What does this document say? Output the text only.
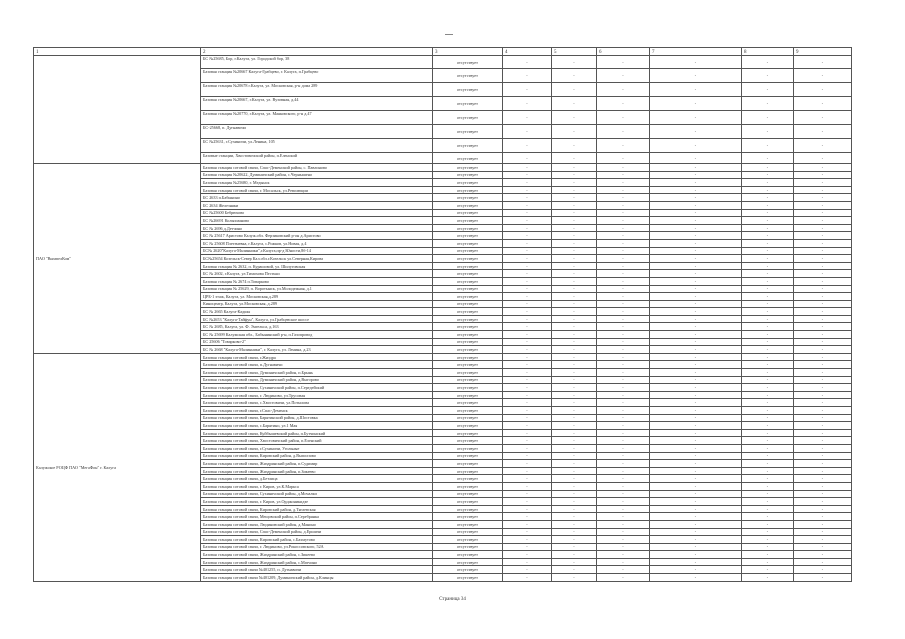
1	2	3	4	5	6	7	8	9
	БС №25685, Бор, г.Калуга, ул. Городской бор, 38	отсутствует	-	-	-	-	-	-
	Базовая станция №20667 Калуга-Грабцево, г. Калуга, п.Грабцево	отсутствует	-	-	-	-	-	-
	Базовая станция №20678 г.Калуга, ул. Московская, р-н дома 289	отсутствует	-	-	-	-	-	-
	Базовая станция №20667, г.Калуга, ул. Вузовная, д.44	отсутствует	-	-	-	-	-	-
	Базовая станция №20770, г.Калуга, ул. Маяковского, р-н д.47	отсутствует	-	-	-	-	-	-
	БС-25668, п. Дугнавичи	отсутствует	-	-	-	-	-	-
	БС №25631, г.Сухиничи, ул.Ленина, 105	отсутствует	-	-	-	-	-	-
	Базовые станции, Хвостовичский район, п.Еленский	отсутствует	-	-	-	-	-	-
ПАО "ВымпелКом"	Базовая станция сотовой связи, Спас-Деменский район, с. Павлиново	отсутствует	-	-	-	-	-	-
	Базовая станция №20622, Думиничский район, с.Чернышено	отсутствует	-	-	-	-	-	-
	Базовая станция №25680, г. Медынск	отсутствует	-	-	-	-	-	-
	Базовая станция сотовой связи, г. Мосальск, ул.Революции	отсутствует	-	-	-	-	-	-
	БС 2633 п.Бабынино	отсутствует	-	-	-	-	-	-
	БС 2634 Железняки	отсутствует	-	-	-	-	-	-
	БС №25600 Бебрюхово	отсутствует	-	-	-	-	-	-
	БС №26691 Колыхманово	отсутствует	-	-	-	-	-	-
	БС № 2696 д.Детчино	отсутствует	-	-	-	-	-	-
	БС № 25617 Аристово Калуж.обл. Ферзиковский р-он д.Аристово	отсутствует	-	-	-	-	-	-
	БС № 25608 Плетеневка, г.Калуга, с.Рожков, ул.Новая, д.4	отсутствует	-	-	-	-	-	-
	БС№ 2620"Калуга-Малинники",г.Калуга,пр-д Юности,8б-14	отсутствует	-	-	-	-	-	-
	БС№25654 Козельск-Север Кал.обл.г.Козельск ул.Северная,Кирова	отсутствует	-	-	-	-	-	-
	Базовая станция № 2632, п. Курашовой, ул. Шилуговская	отсутствует	-	-	-	-	-	-
	БС № 2602, г.Калуга, ул.Тимохова Пестьки	отсутствует	-	-	-	-	-	-
	Базовая станция № 2674 п.Товарково	отсутствует	-	-	-	-	-	-
	Базовая станция № 25629, п. Воротынск, ул.Молодежная, д.1	отсутствует	-	-	-	-	-	-
	ЦРБ-1 этаж, Калуга, ул. Московская,д.289	отсутствует	-	-	-	-	-	-
	Киноцентр, Калуга, ул.Московская, д.289	отсутствует	-	-	-	-	-	-
	БС № 2665 Калуга-Кадшы	отсутствует	-	-	-	-	-	-
	БС №2653 "Калуга-Тайфун", Калуга, ул.Грабцевское шоссе	отсутствует	-	-	-	-	-	-
	БС № 2685, Калуга, ул. Ф. Энгельса, д.163	отсутствует	-	-	-	-	-	-
	БС № 25699 Калужская обл., Бабынинский р-н, п.Газопровод	отсутствует	-	-	-	-	-	-
	БС 25606 "Товарково-2"	отсутствует	-	-	-	-	-	-
	БС № 2668 "Калуга-Малинники", г. Калуга, ул. Ленина, д.23	отсутствует	-	-	-	-	-	-
Калужское РОЦФ ПАО "МегаФон" г. Калуга	Базовая станция сотовой связи, г.Жиздра	отсутствует	-	-	-	-	-	-
	Базовая станция сотовой связи, п.Дугнавичи	отсутствует	-	-	-	-	-	-
	Базовая станция сотовой связи, Думиничский район, п.Брынь	отсутствует	-	-	-	-	-	-
	Базовая станция сотовой связи, Думиничский район, д.Выгорово	отсутствует	-	-	-	-	-	-
	Базовая станция сотовой связи, Сухиничский район, п.Середейский	отсутствует	-	-	-	-	-	-
	Базовая станция сотовой связи, г. Людиново, ул.Трусовая	отсутствует	-	-	-	-	-	-
	Базовая станция сотовой связи, с.Хвостовичи, ул.Потылова	отсутствует	-	-	-	-	-	-
	Базовая станция сотовой связи, г.Спас-Деменск	отсутствует	-	-	-	-	-	-
	Базовая станция сотовой связи, Барятинский район, д.Шостовка	отсутствует	-	-	-	-	-	-
	Базовая станция сотовой связи, с.Барятино, ул.1 Мая	отсутствует	-	-	-	-	-	-
	Базовая станция сотовой связи, Куйбышевский район, п.Бутчинский	отсутствует	-	-	-	-	-	-
	Базовая станция сотовой связи, Хвостовичский район, п.Еленский	отсутствует	-	-	-	-	-	-
	Базовая станция сотовой связи, г.Сухиничи, Угольные	отсутствует	-	-	-	-	-	-
	Базовая станция сотовой связи, Кировский район, д.Выползово	отсутствует	-	-	-	-	-	-
	Базовая станция сотовой связи, Жиздринский район, п.Судимир	отсутствует	-	-	-	-	-	-
	Базовая станция сотовой связи, Жиздринский район, п.Зикеево	отсутствует	-	-	-	-	-	-
	Базовая станция сотовой связи, д.Бетлица	отсутствует	-	-	-	-	-	-
	Базовая станция сотовой связи, г. Киров, ул.К.Маркса	отсутствует	-	-	-	-	-	-
	Базовая станция сотовой связи, Сухиничский район, д.Мочалки	отсутствует	-	-	-	-	-	-
	Базовая станция сотовой связи, г. Киров, ул.Орджоникидзе	отсутствует	-	-	-	-	-	-
	Базовая станция сотовой связи, Кировский район, д.Тягаевская	отсутствует	-	-	-	-	-	-
	Базовая станция сотовой связи, Мещовский район, п.Серебрянка	отсутствует	-	-	-	-	-	-
	Базовая станция сотовой связи, Людиновский район, д.Манино	отсутствует	-	-	-	-	-	-
	Базовая станция сотовой связи, Спас-Деменский район, д.Ершичи	отсутствует	-	-	-	-	-	-
	Базовая станция сотовой связи, Кировский район, с.Бахмутово	отсутствует	-	-	-	-	-	-
	Базовая станция сотовой связи, г. Людиново, ул.Рокоссовского, 52А	отсутствует	-	-	-	-	-	-
	Базовая станция сотовой связи, Жиздринский район, с.Зикеево	отсутствует	-	-	-	-	-	-
	Базовая станция сотовой связи, Жиздринский район, с.Матчино	отсутствует	-	-	-	-	-	-
	Базовая станция сотовой связи №401255, п. Дугнавичи	отсутствует	-	-	-	-	-	-
	Базовая станция сотовой связи №401209, Думиничский район, д.Клинцы	отсутствует	-	-	-	-	-	-
Страница 34
